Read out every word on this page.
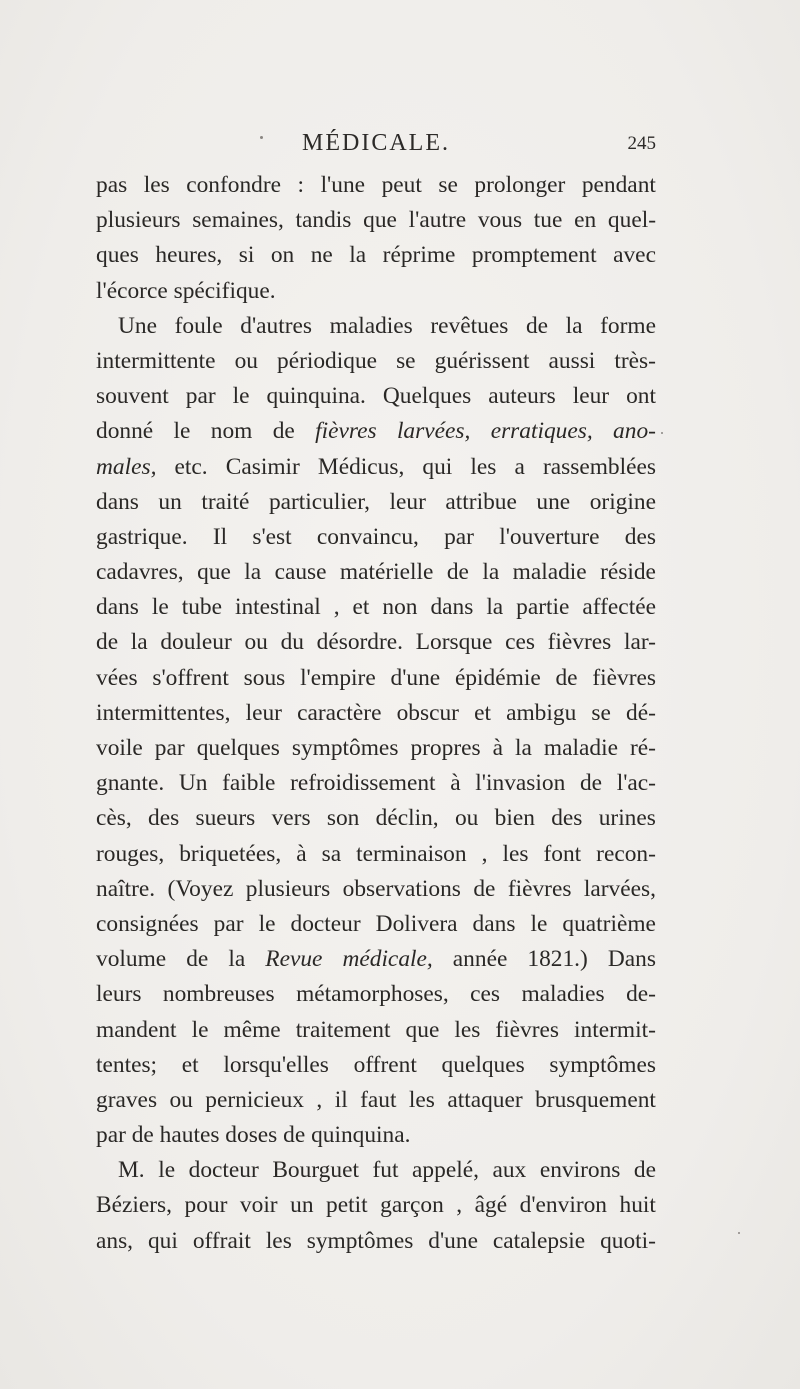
MÉDICALE.	245
pas les confondre : l'une peut se prolonger pendant
plusieurs semaines, tandis que l'autre vous tue en quel-
ques heures, si on ne la réprime promptement avec
l'écorce
spécifique.

Une foule d'autres maladies revêtues de la forme
intermittente ou périodique se guérissent aussi très-
souvent par le quinquina. Quelques auteurs leur ont
donné le nom de fièvres larvées, erratiques, ano-
males, etc. Casimir Médicus, qui les a rassemblées
dans un traité particulier, leur attribue une origine
gastrique. Il s'est convaincu, par l'ouverture des
cadavres, que la cause matérielle de la maladie réside
dans le tube intestinal , et non dans la partie affectée
de la douleur ou du désordre. Lorsque ces fièvres lar-
vées s'offrent sous l'empire d'une épidémie de fièvres
intermittentes, leur caractère obscur et ambigu se dé-
voile par quelques symptômes propres à la maladie ré-
gnante. Un faible refroidissement à l'invasion de l'ac-
cès, des sueurs vers son déclin, ou bien des urines
rouges, briquetées, à sa terminaison , les font recon-
naître. (Voyez plusieurs observations de fièvres larvées,
consignées par le docteur Dolivera dans le quatrième
volume de la Revue médicale, année 1821.) Dans
leurs nombreuses métamorphoses, ces maladies de-
mandent le même traitement que les fièvres intermit-
tentes; et lorsqu'elles offrent quelques symptômes
graves ou pernicieux , il faut les attaquer brusquement
par
de
hautes
doses
de
quinquina.

M. le docteur Bourguet fut appelé, aux environs de
Béziers, pour voir un petit garçon , âgé d'environ huit
ans, qui offrait les symptômes d'une catalepsie quoti-
